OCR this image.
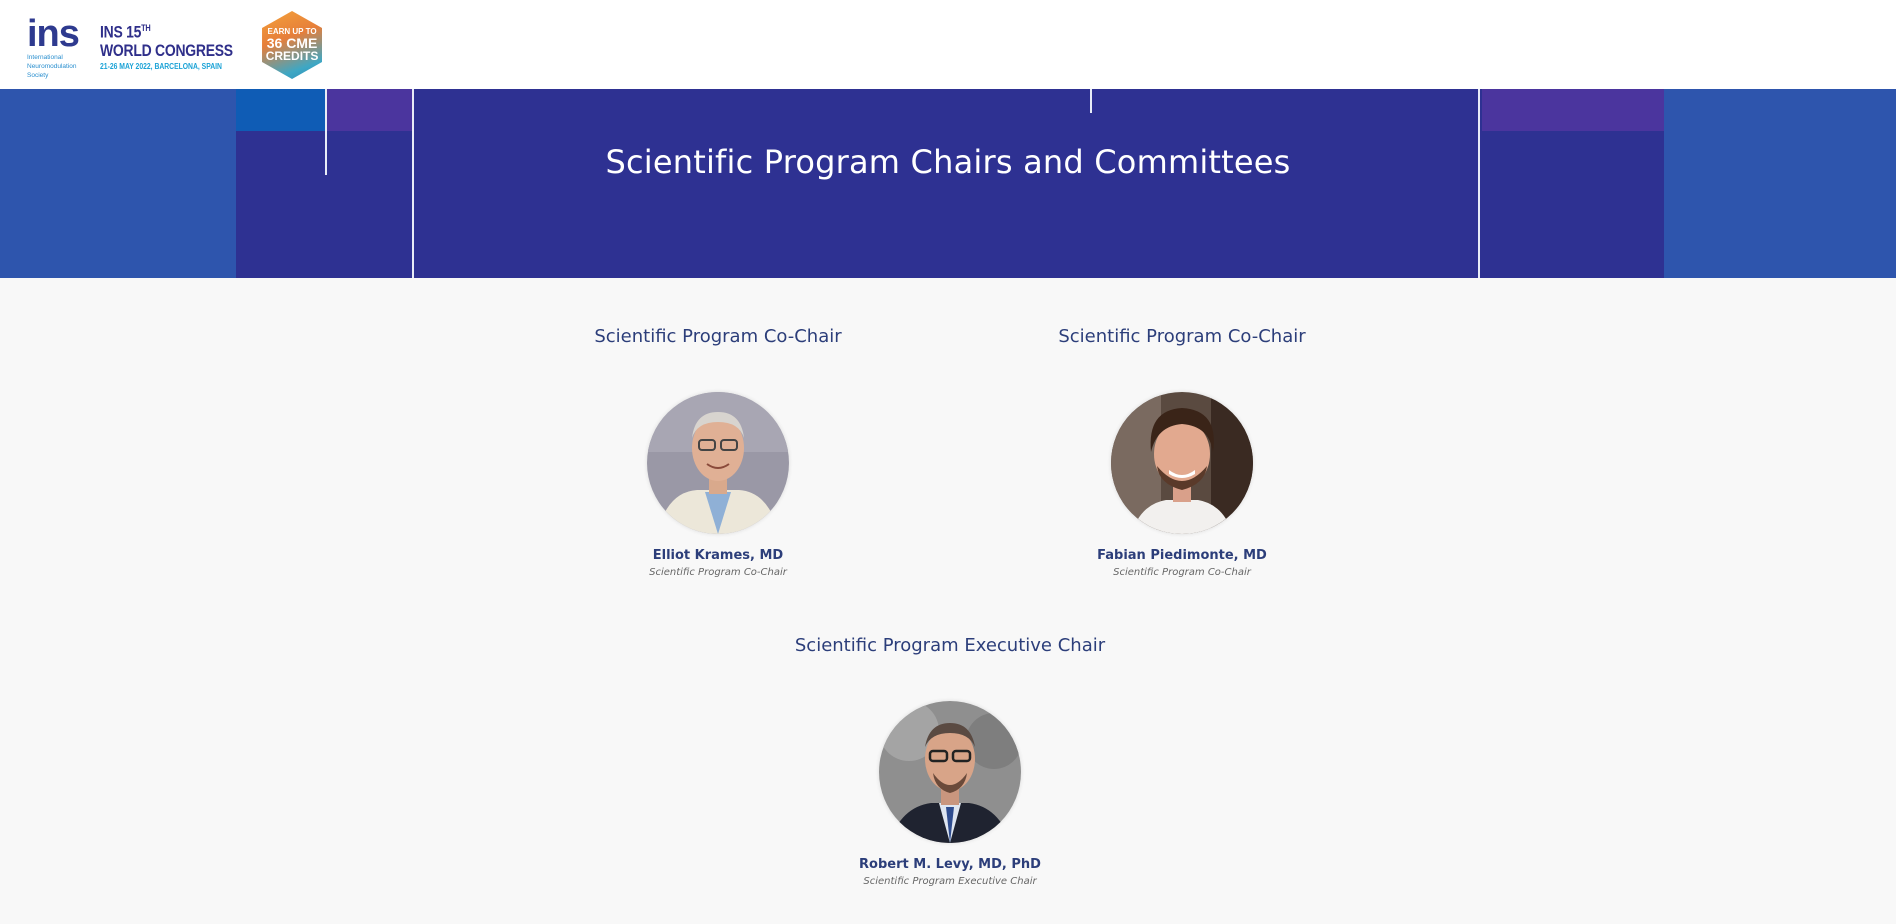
ins
International
Neuromodulation
Society
INS 15TH
WORLD CONGRESS
21-26 MAY 2022, BARCELONA, SPAIN
EARN UP TO
36 CME
CREDITS
Scientific Program Chairs and Committees
Scientific Program Co-Chair	Scientific Program Co-Chair
Scientific Program Executive Chair
Elliot Krames, MD
Scientific Program Co-Chair
Fabian Piedimonte, MD
Scientific Program Co-Chair
Robert M. Levy, MD, PhD
Scientific Program Executive Chair
